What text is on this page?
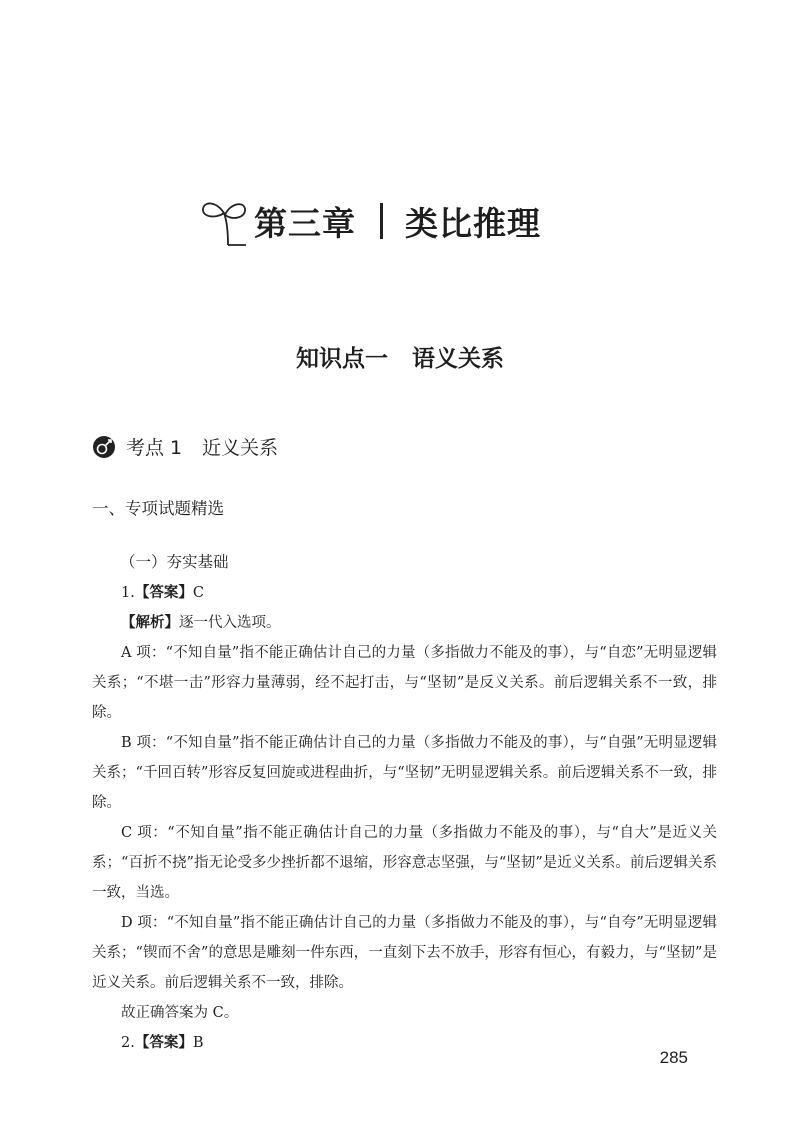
第三章 类比推理
知识点一 语义关系
考点 1 近义关系
一、专项试题精选
（一）夯实基础

1.【答案】C

【解析】逐一代入选项。

A 项：“不知自量”指不能正确估计自己的力量（多指做力不能及的事），与“自恋”无明显逻辑关系；“不堪一击”形容力量薄弱，经不起打击，与“坚韧”是反义关系。前后逻辑关系不一致，排除。

B 项：“不知自量”指不能正确估计自己的力量（多指做力不能及的事），与“自强”无明显逻辑关系；“千回百转”形容反复回旋或进程曲折，与“坚韧”无明显逻辑关系。前后逻辑关系不一致，排除。

C 项：“不知自量”指不能正确估计自己的力量（多指做力不能及的事），与“自大”是近义关系；“百折不挠”指无论受多少挫折都不退缩，形容意志坚强，与“坚韧”是近义关系。前后逻辑关系一致，当选。

D 项：“不知自量”指不能正确估计自己的力量（多指做力不能及的事），与“自夸”无明显逻辑关系；“锲而不舍”的意思是雕刻一件东西，一直刻下去不放手，形容有恒心，有毅力，与“坚韧”是近义关系。前后逻辑关系不一致，排除。

故正确答案为 C。

2.【答案】B

285
